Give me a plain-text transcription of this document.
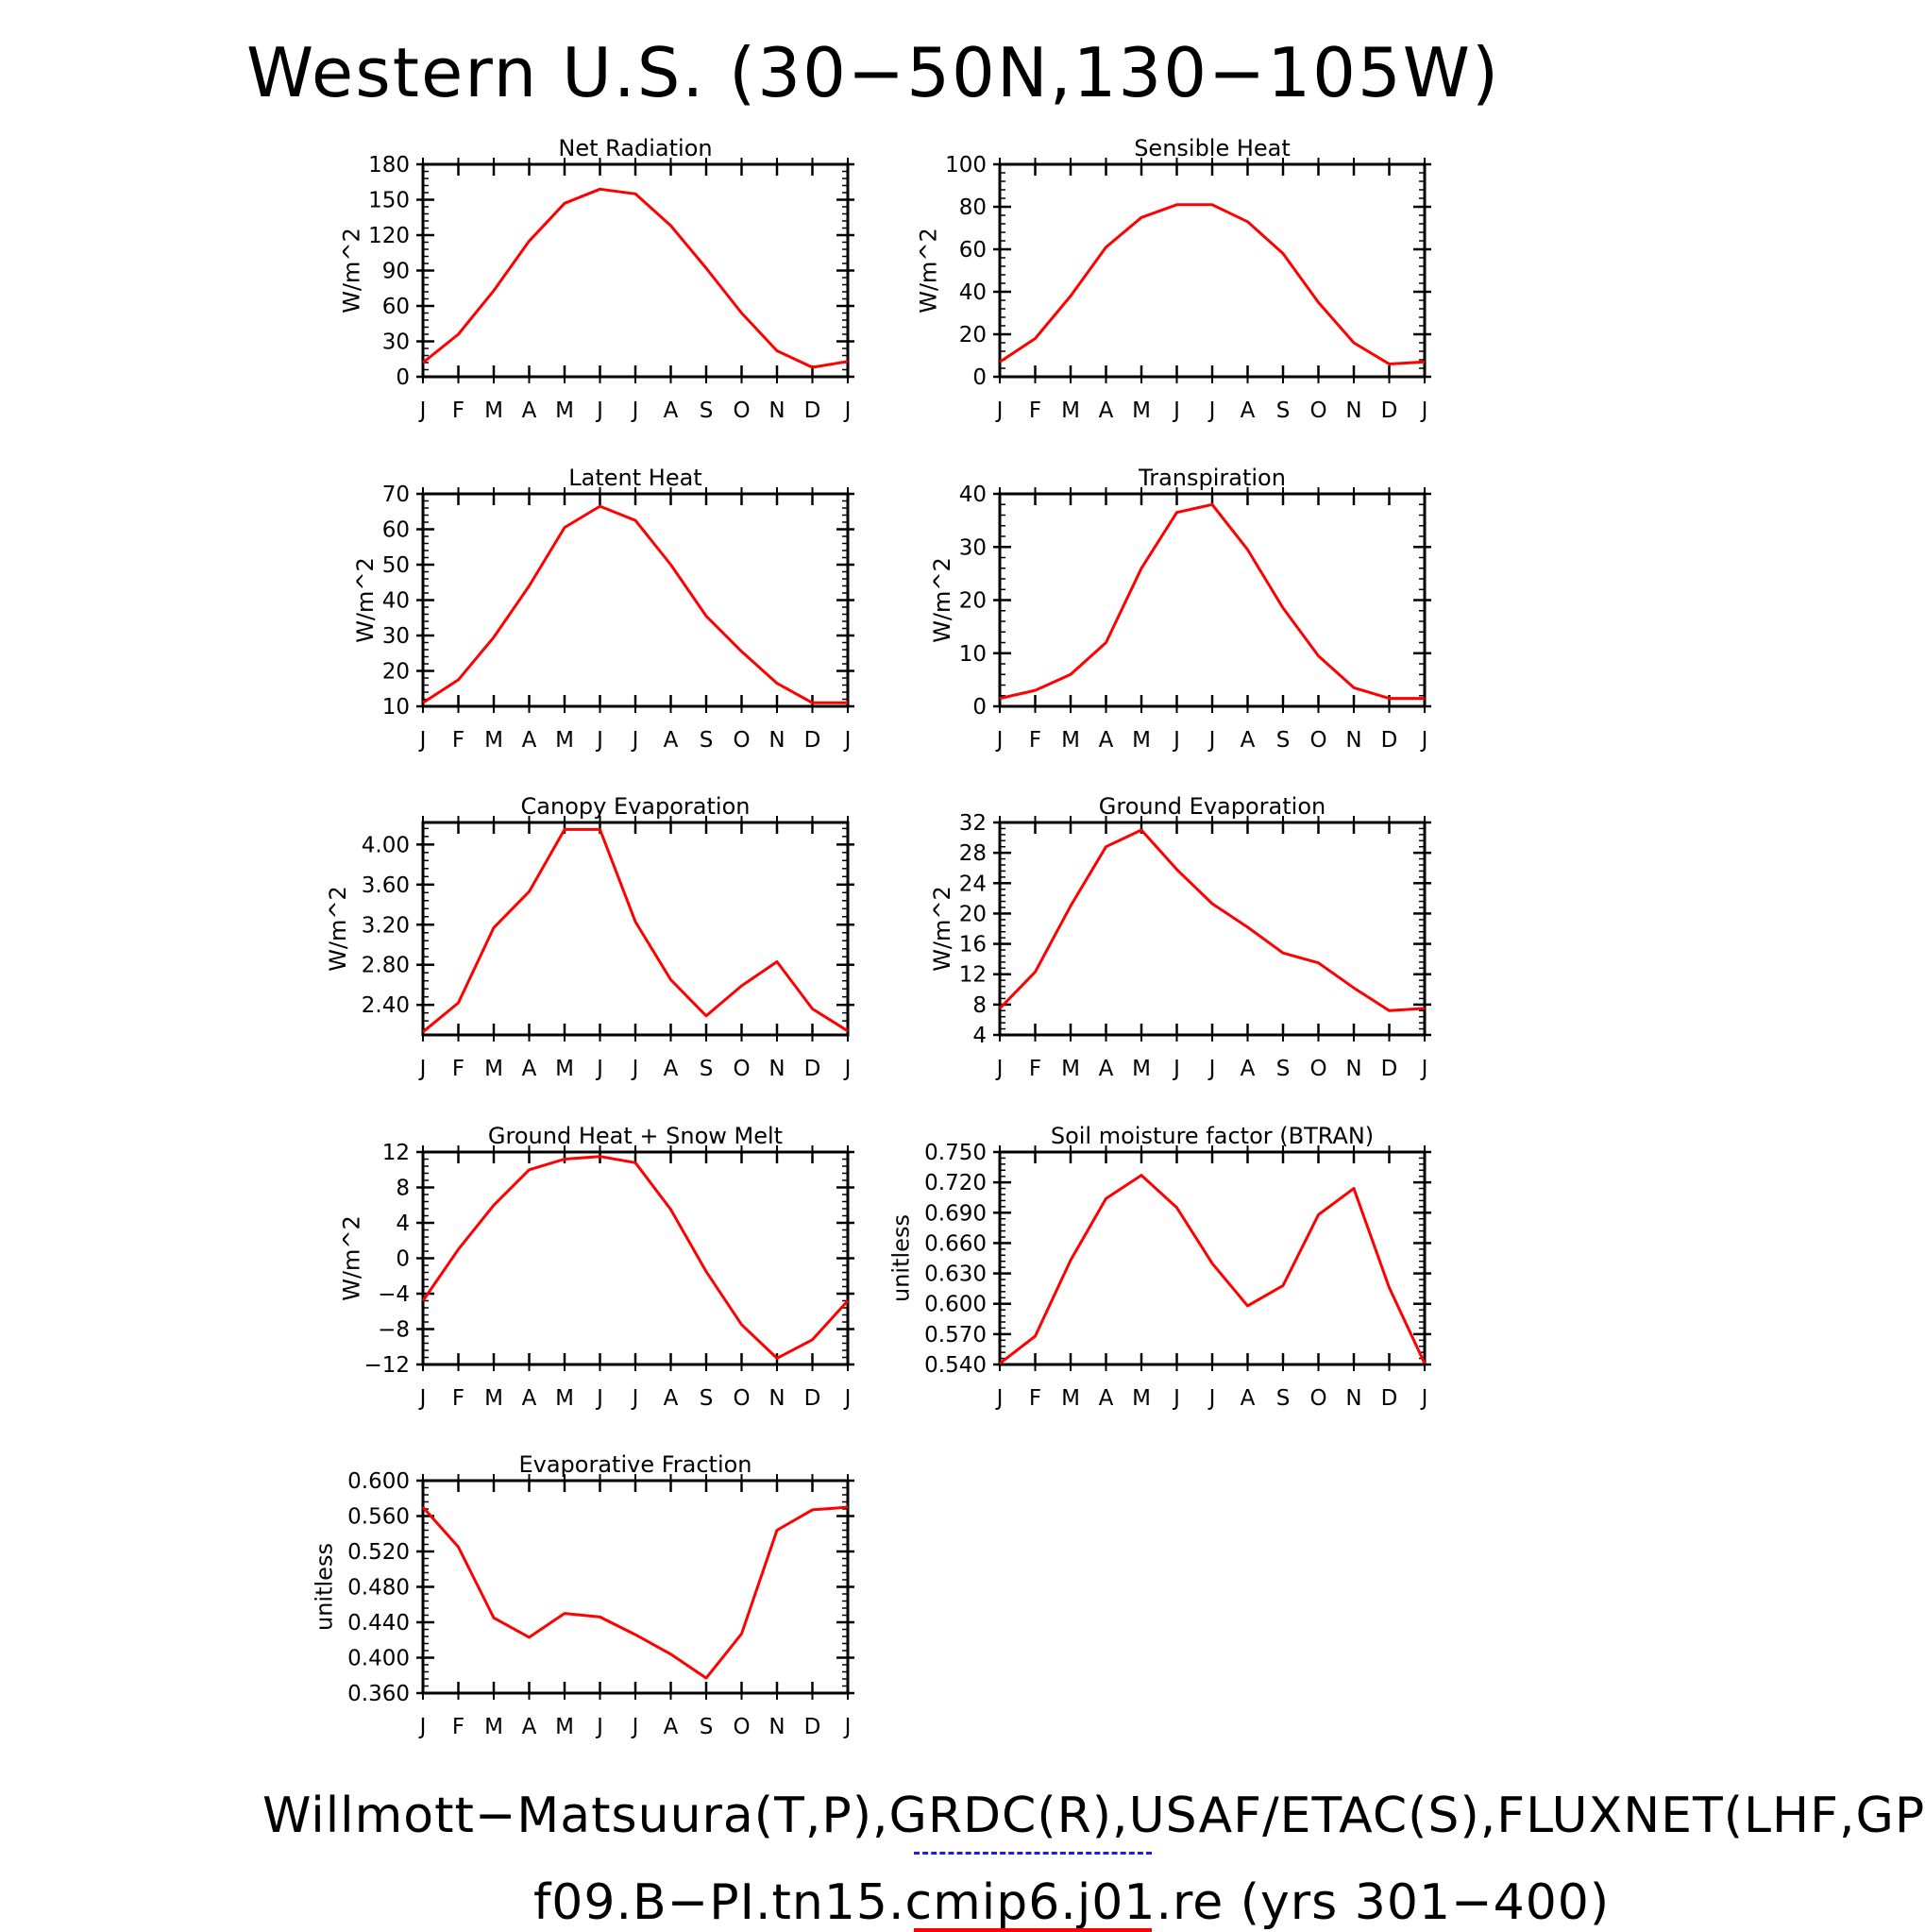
Western U.S. (30−50N,130−105W)
J F M A M J J A S O N D J
0
30
60
90
120
150
180
Net Radiation
W/m^2
J F M A M J J A S O N D J
0
20
40
60
80
100
Sensible Heat
W/m^2
J F M A M J J A S O N D J
10
20
30
40
50
60
70
Latent Heat
W/m^2
J F M A M J J A S O N D J
0
10
20
30
40
Transpiration
W/m^2
J F M A M J J A S O N D J
2.40
2.80
3.20
3.60
4.00
Canopy Evaporation
W/m^2
J F M A M J J A S O N D J
4
8
12
16
20
24
28
32
Ground Evaporation
W/m^2
J F M A M J J A S O N D J
−12
−8
−4
0
4
8
12
Ground Heat + Snow Melt
W/m^2
J F M A M J J A S O N D J
0.540
0.570
0.600
0.630
0.660
0.690
0.720
0.750
Soil moisture factor (BTRAN)
unitless
J F M A M J J A S O N D J
0.360
0.400
0.440
0.480
0.520
0.560
0.600
Evaporative Fraction
unitless
Willmott−Matsuura(T,P),GRDC(R),USAF/ETAC(S),FLUXNET(LHF,GP
f09.B−PI.tn15.cmip6.j01.re (yrs 301−400)
